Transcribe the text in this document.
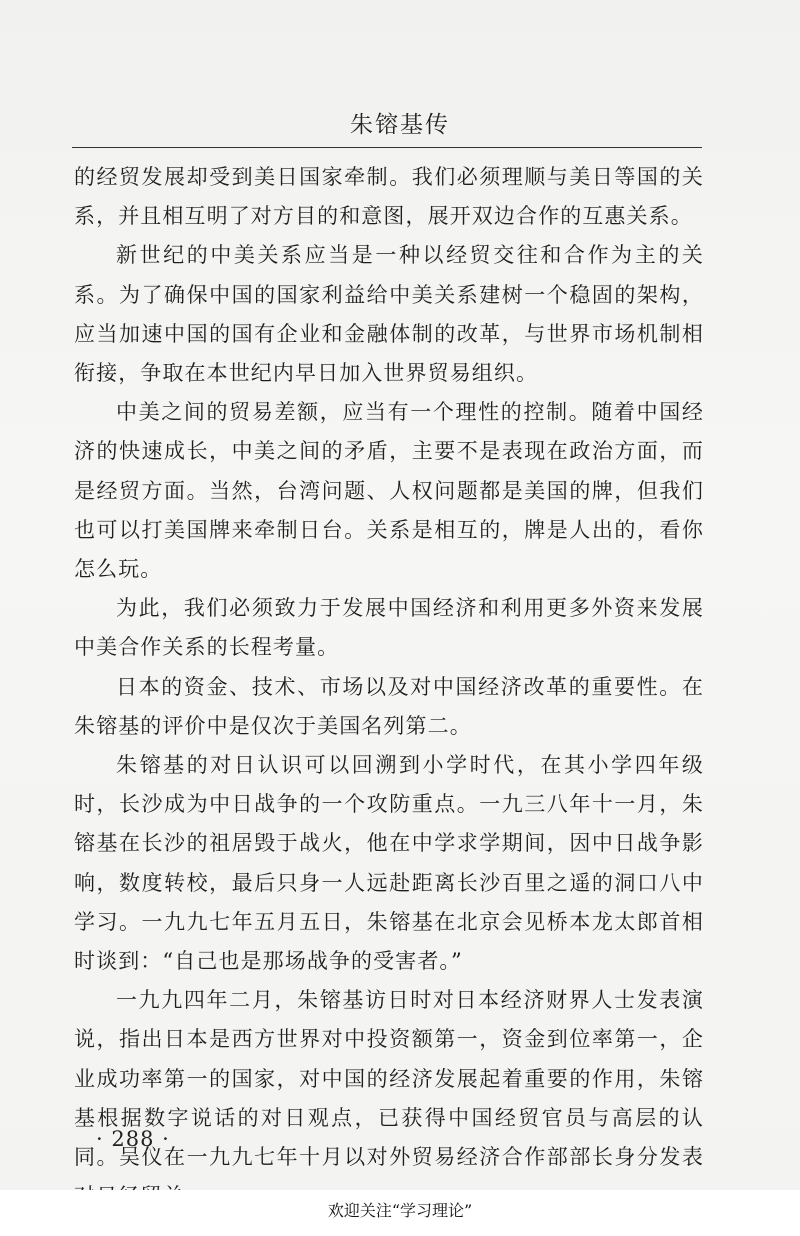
朱镕基传

的经贸发展却受到美日国家牵制。我们必须理顺与美日等国的关系，并且相互明了对方目的和意图，展开双边合作的互惠关系。

新世纪的中美关系应当是一种以经贸交往和合作为主的关系。为了确保中国的国家利益给中美关系建树一个稳固的架构，应当加速中国的国有企业和金融体制的改革，与世界市场机制相衔接，争取在本世纪内早日加入世界贸易组织。

中美之间的贸易差额，应当有一个理性的控制。随着中国经济的快速成长，中美之间的矛盾，主要不是表现在政治方面，而是经贸方面。当然，台湾问题、人权问题都是美国的牌，但我们也可以打美国牌来牵制日台。关系是相互的，牌是人出的，看你怎么玩。

为此，我们必须致力于发展中国经济和利用更多外资来发展中美合作关系的长程考量。

日本的资金、技术、市场以及对中国经济改革的重要性。在朱镕基的评价中是仅次于美国名列第二。

朱镕基的对日认识可以回溯到小学时代，在其小学四年级时，长沙成为中日战争的一个攻防重点。一九三八年十一月，朱镕基在长沙的祖居毁于战火，他在中学求学期间，因中日战争影响，数度转校，最后只身一人远赴距离长沙百里之遥的洞口八中学习。一九九七年五月五日，朱镕基在北京会见桥本龙太郎首相时谈到：“自己也是那场战争的受害者。”

一九九四年二月，朱镕基访日时对日本经济财界人士发表演说，指出日本是西方世界对中投资额第一，资金到位率第一，企业成功率第一的国家，对中国的经济发展起着重要的作用，朱镕基根据数字说话的对日观点，已获得中国经贸官员与高层的认同。吴仪在一九九七年十月以对外贸易经济合作部部长身分发表

· 288 ·
欢迎关注“学习理论”
